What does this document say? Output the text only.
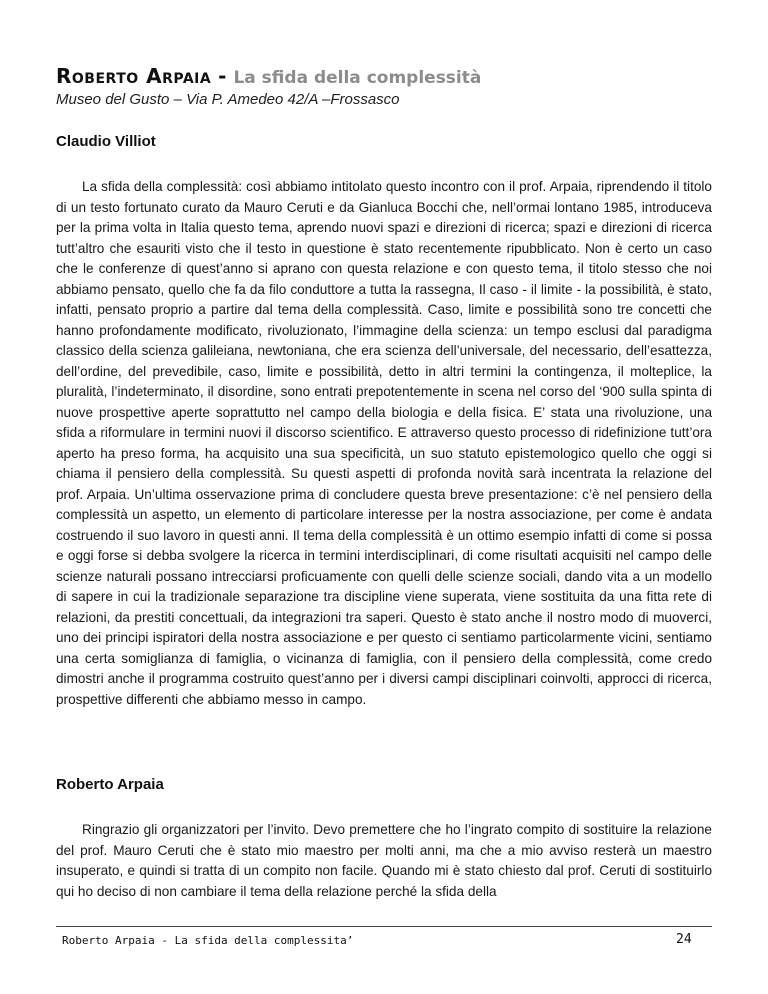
Roberto Arpaia - La sfida della complessità
Museo del Gusto – Via P. Amedeo 42/A –Frossasco
Claudio Villiot
La sfida della complessità: così abbiamo intitolato questo incontro con il prof. Arpaia, riprendendo il titolo di un testo fortunato curato da Mauro Ceruti e da Gianluca Bocchi che, nell’ormai lontano 1985, introduceva per la prima volta in Italia questo tema, aprendo nuovi spazi e direzioni di ricerca; spazi e direzioni di ricerca tutt’altro che esauriti visto che il testo in questione è stato recentemente ripubblicato. Non è certo un caso che le conferenze di quest’anno si aprano con questa relazione e con questo tema, il titolo stesso che noi abbiamo pensato, quello che fa da filo conduttore a tutta la rassegna, Il caso - il limite - la possibilità, è stato, infatti, pensato proprio a partire dal tema della complessità. Caso, limite e possibilità sono tre concetti che hanno profondamente modificato, rivoluzionato, l’immagine della scienza: un tempo esclusi dal paradigma classico della scienza galileiana, newtoniana, che era scienza dell’universale, del necessario, dell’esattezza, dell’ordine, del prevedibile, caso, limite e possibilità, detto in altri termini la contingenza, il molteplice, la pluralità, l’indeterminato, il disordine, sono entrati prepotentemente in scena nel corso del ‘900 sulla spinta di nuove prospettive aperte soprattutto nel campo della biologia e della fisica. E’ stata una rivoluzione, una sfida a riformulare in termini nuovi il discorso scientifico. E attraverso questo processo di ridefinizione tutt’ora aperto ha preso forma, ha acquisito una sua specificità, un suo statuto epistemologico quello che oggi si chiama il pensiero della complessità. Su questi aspetti di profonda novità sarà incentrata la relazione del prof. Arpaia. Un’ultima osservazione prima di concludere questa breve presentazione: c’è nel pensiero della complessità un aspetto, un elemento di particolare interesse per la nostra associazione, per come è andata costruendo il suo lavoro in questi anni. Il tema della complessità è un ottimo esempio infatti di come si possa e oggi forse si debba svolgere la ricerca in termini interdisciplinari, di come risultati acquisiti nel campo delle scienze naturali possano intrecciarsi proficuamente con quelli delle scienze sociali, dando vita a un modello di sapere in cui la tradizionale separazione tra discipline viene superata, viene sostituita da una fitta rete di relazioni, da prestiti concettuali, da integrazioni tra saperi. Questo è stato anche il nostro modo di muoverci, uno dei principi ispiratori della nostra associazione e per questo ci sentiamo particolarmente vicini, sentiamo una certa somiglianza di famiglia, o vicinanza di famiglia, con il pensiero della complessità, come credo dimostri anche il programma costruito quest’anno per i diversi campi disciplinari coinvolti, approcci di ricerca, prospettive differenti che abbiamo messo in campo.
Roberto Arpaia
Ringrazio gli organizzatori per l’invito. Devo premettere che ho l’ingrato compito di sostituire la relazione del prof. Mauro Ceruti che è stato mio maestro per molti anni, ma che a mio avviso resterà un maestro insuperato, e quindi si tratta di un compito non facile. Quando mi è stato chiesto dal prof. Ceruti di sostituirlo qui ho deciso di non cambiare il tema della relazione perché la sfida della
Roberto Arpaia - La sfida della complessita’	24
